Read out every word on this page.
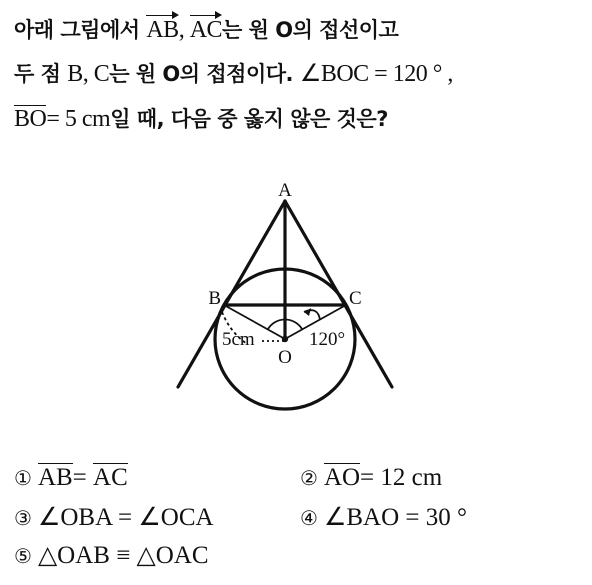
아래 그림에서 AB, AC는 원 O의 접선이고
두 점 B, C는 원 O의 접점이다. ∠BOC = 120 ° ,
BO= 5 cm일 때, 다음 중 옳지 않은 것은?
A
B	C
O
5cm	120°
① AB= AC	② AO= 12 cm
③ ∠OBA = ∠OCA	④ ∠BAO = 30 °
⑤ △OAB ≡ △OAC
